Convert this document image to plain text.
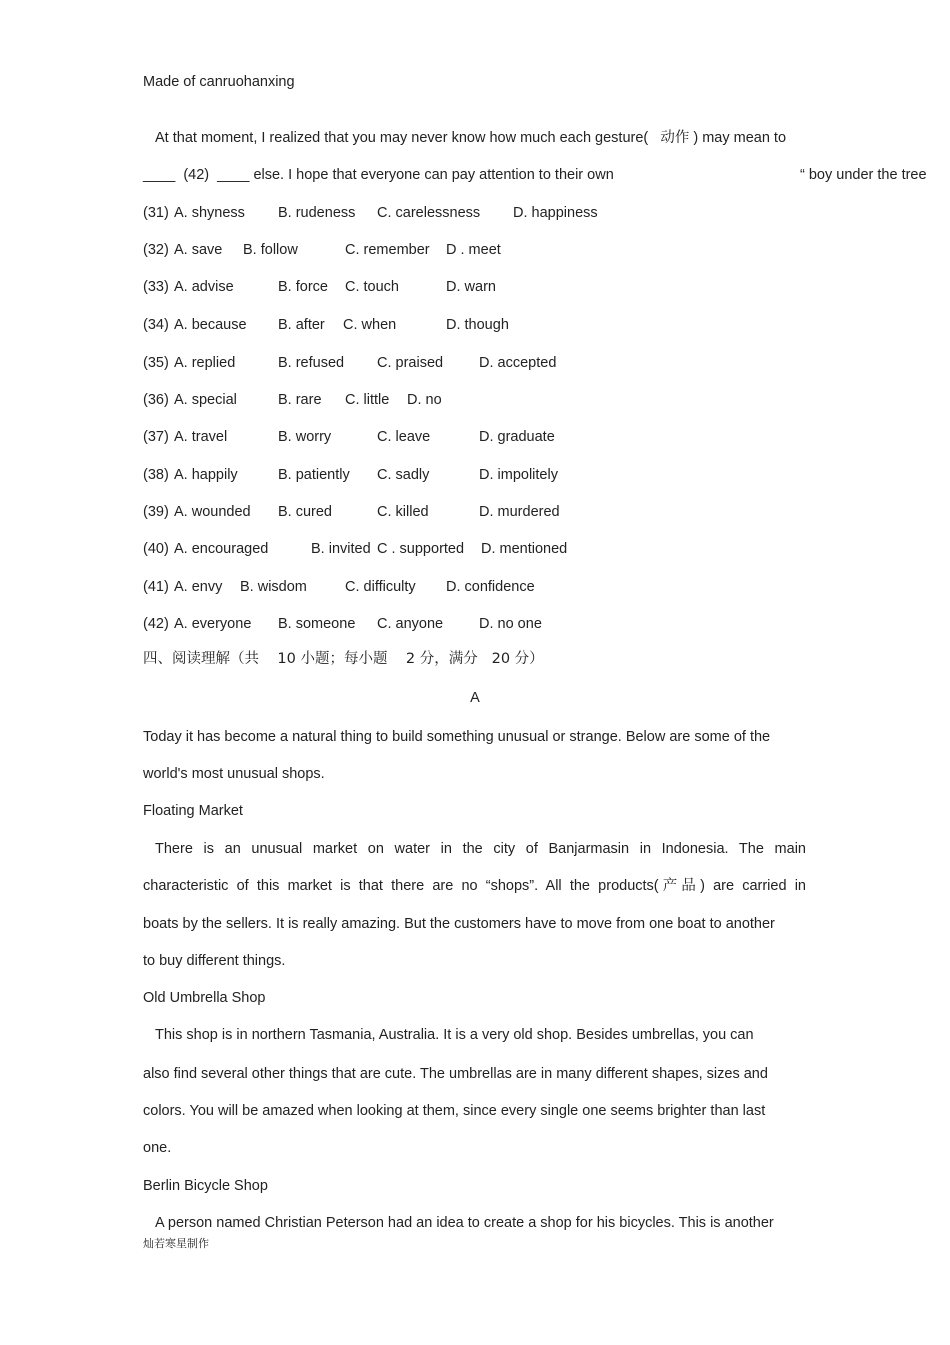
Made of canruohanxing
At that moment, I realized that you may never know how much each gesture(   动作 ) may mean to
____  (42)  ____ else. I hope that everyone can pay attention to their own	“ boy under the tree
(31) A. shyness B. rudeness C. carelessness D. happiness
(32) A. save B. follow	C. remember D . meet
(33) A. advise	B. force C. touch	D. warn
(34) A. because B. after C. when	D. though
(35) A. replied	B. refused C. praised D. accepted
(36) A. special	B. rare C. little D. no
(37) A. travel	B. worry	C. leave	D. graduate
(38) A. happily	B. patiently C. sadly	D. impolitely
(39) A. wounded B. cured	C. killed	D. murdered
(40) A. encouraged	B. invited C . supported D. mentioned
(41) A. envy B. wisdom	C. difficulty D. confidence
(42) A. everyone B. someone C. anyone D. no one
四、阅读理解（共    10 小题；每小题    2 分，满分   20 分）
A
Today it has become a natural thing to build something unusual or strange. Below are some of the
world's most unusual shops.
Floating Market
There is an unusual market on water in the city of Banjarmasin in Indonesia. The main
characteristic of this market is that there are no “shops”. All the products(产品) are carried in
boats by the sellers. It is really amazing. But the customers have to move from one boat to another
to buy different things.
Old Umbrella Shop
This shop is in northern Tasmania, Australia. It is a very old shop. Besides umbrellas, you can
also find several other things that are cute. The umbrellas are in many different shapes, sizes and
colors. You will be amazed when looking at them, since every single one seems brighter than last
one.
Berlin Bicycle Shop
A person named Christian Peterson had an idea to create a shop for his bicycles. This is another
灿若寒星制作
